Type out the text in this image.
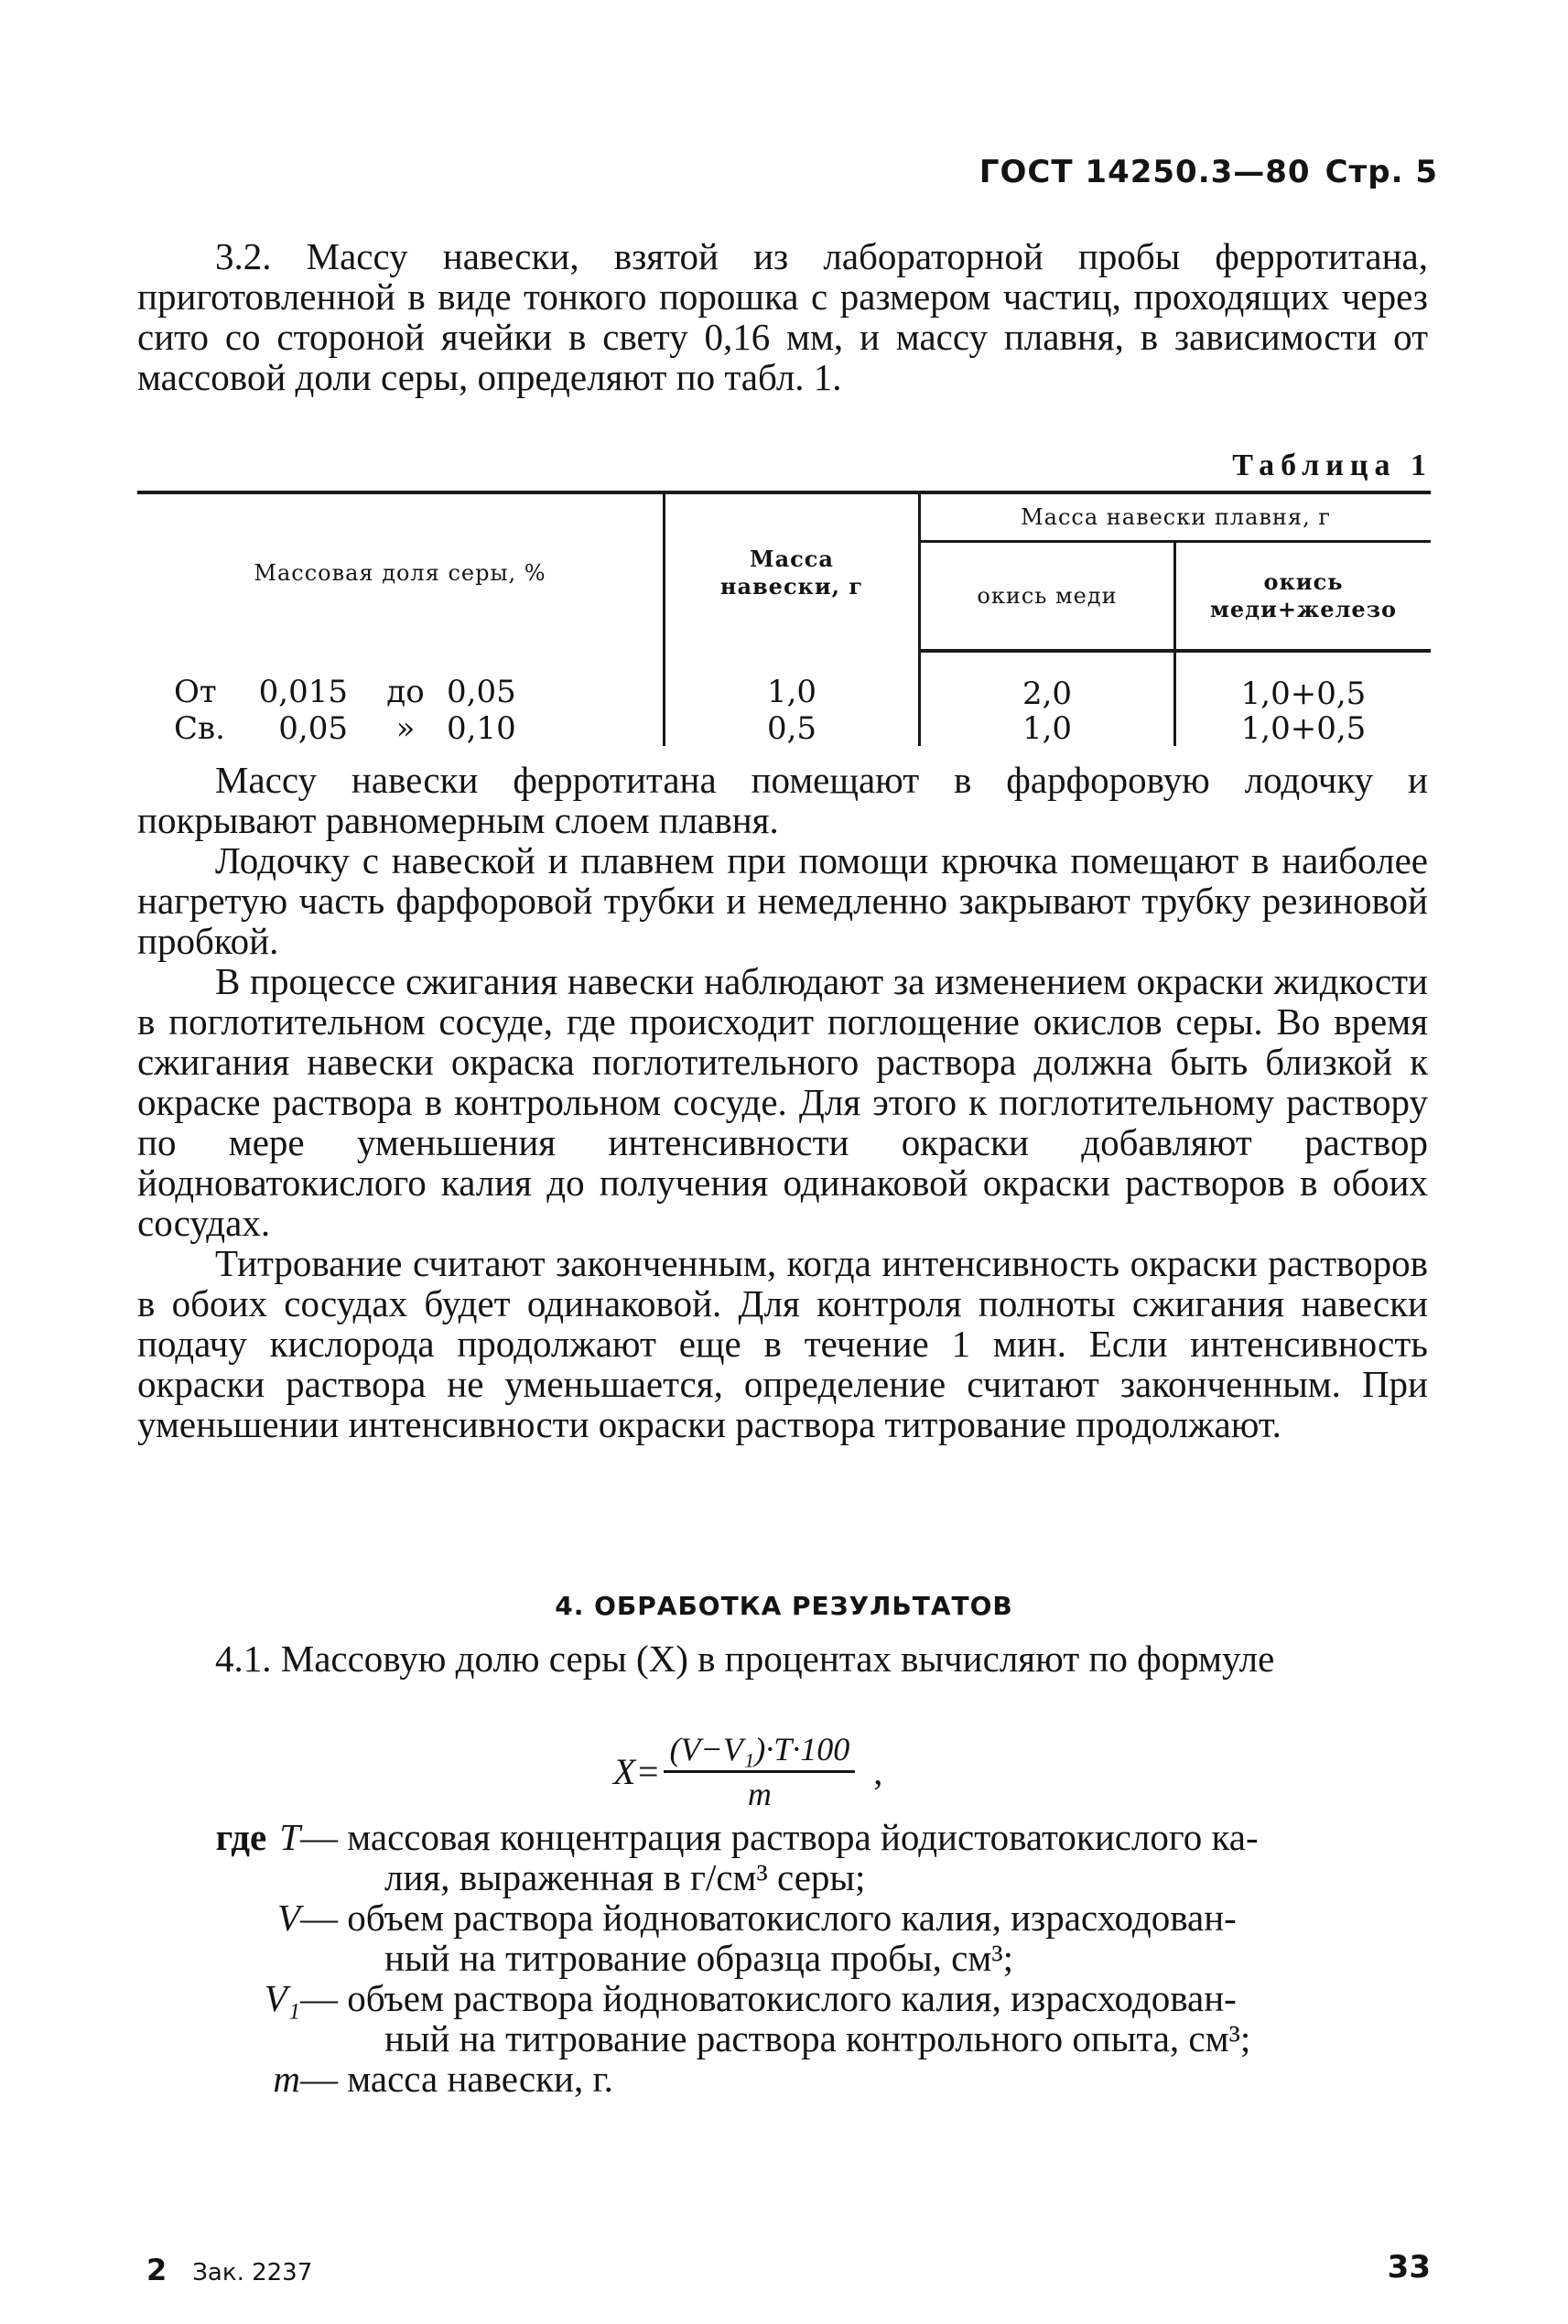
ГОСТ 14250.3—80 Стр. 5

3.2. Массу навески, взятой из лабораторной пробы ферротитана, приготовленной в виде тонкого порошка с размером частиц, проходящих через сито со стороной ячейки в свету 0,16 мм, и массу плавня, в зависимости от массовой доли серы, определяют по табл. 1.

Таблица 1
Массовая доля серы, %	Масса навески, г	Масса навески плавня, г	
		окись меди	окись меди+железо
От 0,015 до 0,05	1,0	2,0	1,0+0,5
Св. 0,05 » 0,10	0,5	1,0	1,0+0,5

Массу навески ферротитана помещают в фарфоровую лодочку и покрывают равномерным слоем плавня.

Лодочку с навеской и плавнем при помощи крючка помещают в наиболее нагретую часть фарфоровой трубки и немедленно закрывают трубку резиновой пробкой.

В процессе сжигания навески наблюдают за изменением окраски жидкости в поглотительном сосуде, где происходит поглощение окислов серы. Во время сжигания навески окраска поглотительного раствора должна быть близкой к окраске раствора в контрольном сосуде. Для этого к поглотительному раствору по мере уменьшения интенсивности окраски добавляют раствор йодноватокислого калия до получения одинаковой окраски растворов в обоих сосудах.

Титрование считают законченным, когда интенсивность окраски растворов в обоих сосудах будет одинаковой. Для контроля полноты сжигания навески подачу кислорода продолжают еще в течение 1 мин. Если интенсивность окраски раствора не уменьшается, определение считают законченным. При уменьшении интенсивности окраски раствора титрование продолжают.

4. ОБРАБОТКА РЕЗУЛЬТАТОВ

4.1. Массовую долю серы (X) в процентах вычисляют по формуле

$X= \frac{\text{(V−V₁)·T·100}}{m}$ ,
где T— массовая концентрация раствора йодистоватокислого ка-
лия, выраженная в г/см³ серы;
V— объем раствора йодноватокислого калия, израсходован-
ный на титрование образца пробы, см³;
V₁— объем раствора йодноватокислого калия, израсходован-
ный на титрование раствора контрольного опыта, см³;
m— масса навески, г.
2 Зак. 2237	33
